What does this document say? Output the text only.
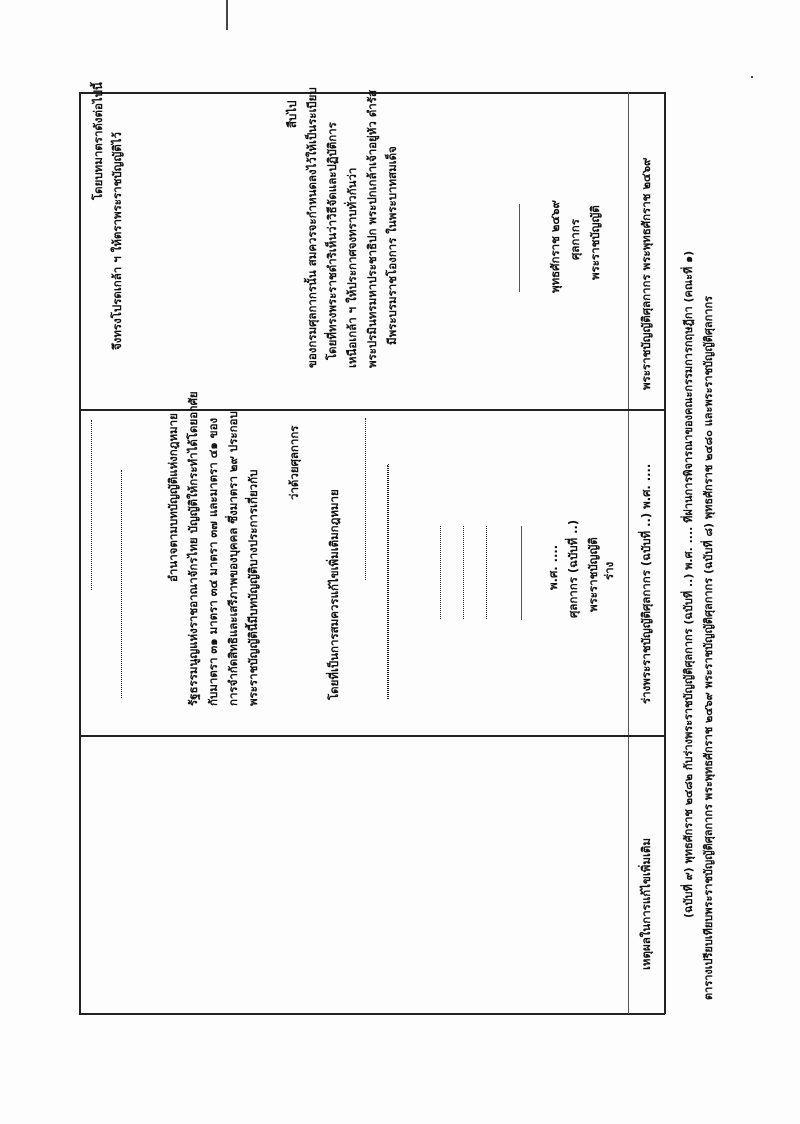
ตารางเปรียบเทียบพระราชบัญญัติศุลกากร พระพุทธศักราช ๒๔๖๙ พระราชบัญญัติศุลกากร (ฉบับที่ ๘) พุทธศักราช ๒๔๘๐ และพระราชบัญญัติศุลกากร
(ฉบับที่ ๙) พุทธศักราช ๒๔๘๒ กับร่างพระราชบัญญัติศุลกากร (ฉบับที่ ..) พ.ศ. .... ที่ผ่านการพิจารณาของคณะกรรมการกฤษฎีกา (คณะที่ ๑)
พระราชบัญญัติศุลกากร พระพุทธศักราช ๒๔๖๙
ร่างพระราชบัญญัติศุลกากร (ฉบับที่ ..) พ.ศ. ....
เหตุผลในการแก้ไขเพิ่มเติม
พระราชบัญญัติ
ศุลกากร
พุทธศักราช ๒๔๖๙
มีพระบรมราชโองการ ในพระบาทสมเด็จ
พระปรมินทรมหาประชาธิปก พระปกเกล้าเจ้าอยู่หัว ดำรัส
เหนือเกล้า ฯ ให้ประกาศจงทราบทั่วกันว่า
โดยที่ทรงพระราชดำริเห็นว่าวิธีจัดและปฏิบัติการ
ของกรมศุลกากรนั้น สมควรจะกำหนดลงไว้ให้เป็นระเบียบ
สืบไป
จึงทรงโปรดเกล้า ฯ ให้ตราพระราชบัญญัติไว้
โดยบทมาตราดังต่อไปนี้
ร่าง
พระราชบัญญัติ
ศุลกากร (ฉบับที่ ..)
พ.ศ. ....
โดยที่เป็นการสมควรแก้ไขเพิ่มเติมกฎหมาย
ว่าด้วยศุลกากร
พระราชบัญญัตินี้มีบทบัญญัติบางประการเกี่ยวกับ
การจำกัดสิทธิและเสรีภาพของบุคคล ซึ่งมาตรา ๒๙ ประกอบ
กับมาตรา ๓๑ มาตรา ๓๔ มาตรา ๓๗ และมาตรา ๔๑ ของ
รัฐธรรมนูญแห่งราชอาณาจักรไทย บัญญัติให้กระทำได้โดยอาศัย
อำนาจตามบทบัญญัติแห่งกฎหมาย
